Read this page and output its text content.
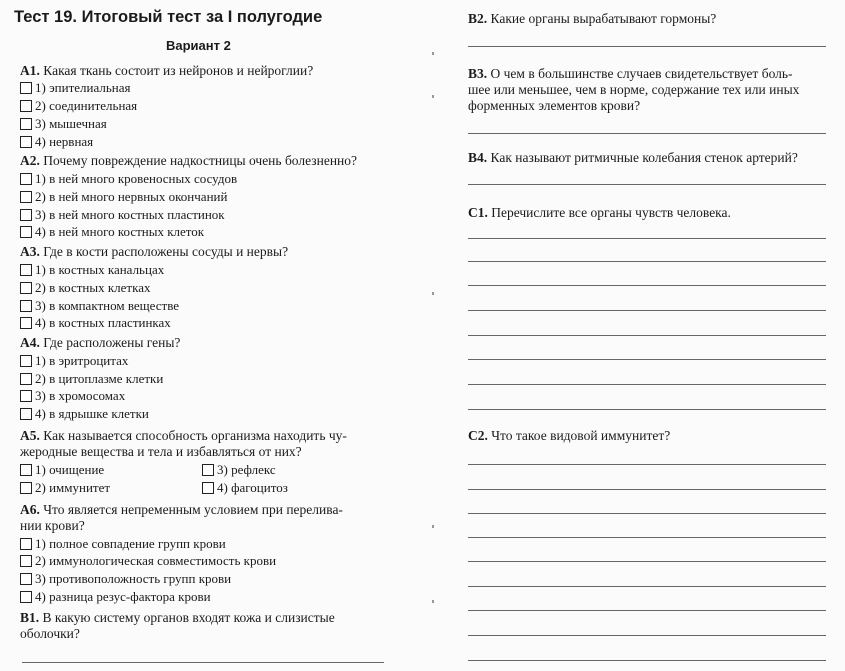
Тест 19. Итоговый тест за I полугодие
Вариант 2
A1. Какая ткань состоит из нейронов и нейроглии?
1) эпителиальная
2) соединительная
3) мышечная
4) нервная
A2. Почему повреждение надкостницы очень болезненно?
1) в ней много кровеносных сосудов
2) в ней много нервных окончаний
3) в ней много костных пластинок
4) в ней много костных клеток
A3. Где в кости расположены сосуды и нервы?
1) в костных канальцах
2) в костных клетках
3) в компактном веществе
4) в костных пластинках
A4. Где расположены гены?
1) в эритроцитах
2) в цитоплазме клетки
3) в хромосомах
4) в ядрышке клетки
A5. Как называется способность организма находить чу-
жеродные вещества и тела и избавляться от них?
1) очищение
2) иммунитет
3) рефлекс
4) фагоцитоз
A6. Что является непременным условием при перелива-
нии крови?
1) полное совпадение групп крови
2) иммунологическая совместимость крови
3) противоположность групп крови
4) разница резус-фактора крови
B1. В какую систему органов входят кожа и слизистые
оболочки?
B2. Какие органы вырабатывают гормоны?
B3. О чем в большинстве случаев свидетельствует боль-
шее или меньшее, чем в норме, содержание тех или иных
форменных элементов крови?
B4. Как называют ритмичные колебания стенок артерий?
C1. Перечислите все органы чувств человека.
C2. Что такое видовой иммунитет?
